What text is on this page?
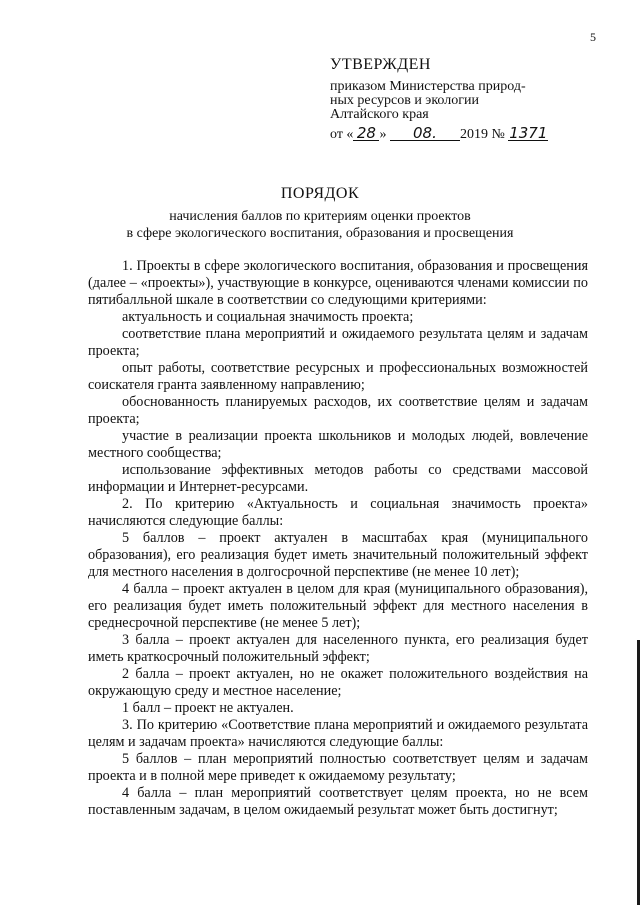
5
УТВЕРЖДЕН
приказом Министерства природ-
ных ресурсов и экологии
Алтайского края
от « 28 » 08. 2019 № 1371
ПОРЯДОК
начисления баллов по критериям оценки проектов
в сфере экологического воспитания, образования и просвещения

1. Проекты в сфере экологического воспитания, образования и просвещения (далее – «проекты»), участвующие в конкурсе, оцениваются членами комиссии по пятибалльной шкале в соответствии со следующими критериями:

актуальность и социальная значимость проекта;

соответствие плана мероприятий и ожидаемого результата целям и задачам проекта;

опыт работы, соответствие ресурсных и профессиональных возможностей соискателя гранта заявленному направлению;

обоснованность планируемых расходов, их соответствие целям и задачам проекта;

участие в реализации проекта школьников и молодых людей, вовлечение местного сообщества;

использование эффективных методов работы со средствами массовой информации и Интернет-ресурсами.

2. По критерию «Актуальность и социальная значимость проекта» начисляются следующие баллы:

5 баллов – проект актуален в масштабах края (муниципального образования), его реализация будет иметь значительный положительный эффект для местного населения в долгосрочной перспективе (не менее 10 лет);

4 балла – проект актуален в целом для края (муниципального образования), его реализация будет иметь положительный эффект для местного населения в среднесрочной перспективе (не менее 5 лет);

3 балла – проект актуален для населенного пункта, его реализация будет иметь краткосрочный положительный эффект;

2 балла – проект актуален, но не окажет положительного воздействия на окружающую среду и местное население;

1 балл – проект не актуален.

3. По критерию «Соответствие плана мероприятий и ожидаемого результата целям и задачам проекта» начисляются следующие баллы:

5 баллов – план мероприятий полностью соответствует целям и задачам проекта и в полной мере приведет к ожидаемому результату;

4 балла – план мероприятий соответствует целям проекта, но не всем поставленным задачам, в целом ожидаемый результат может быть достигнут;
